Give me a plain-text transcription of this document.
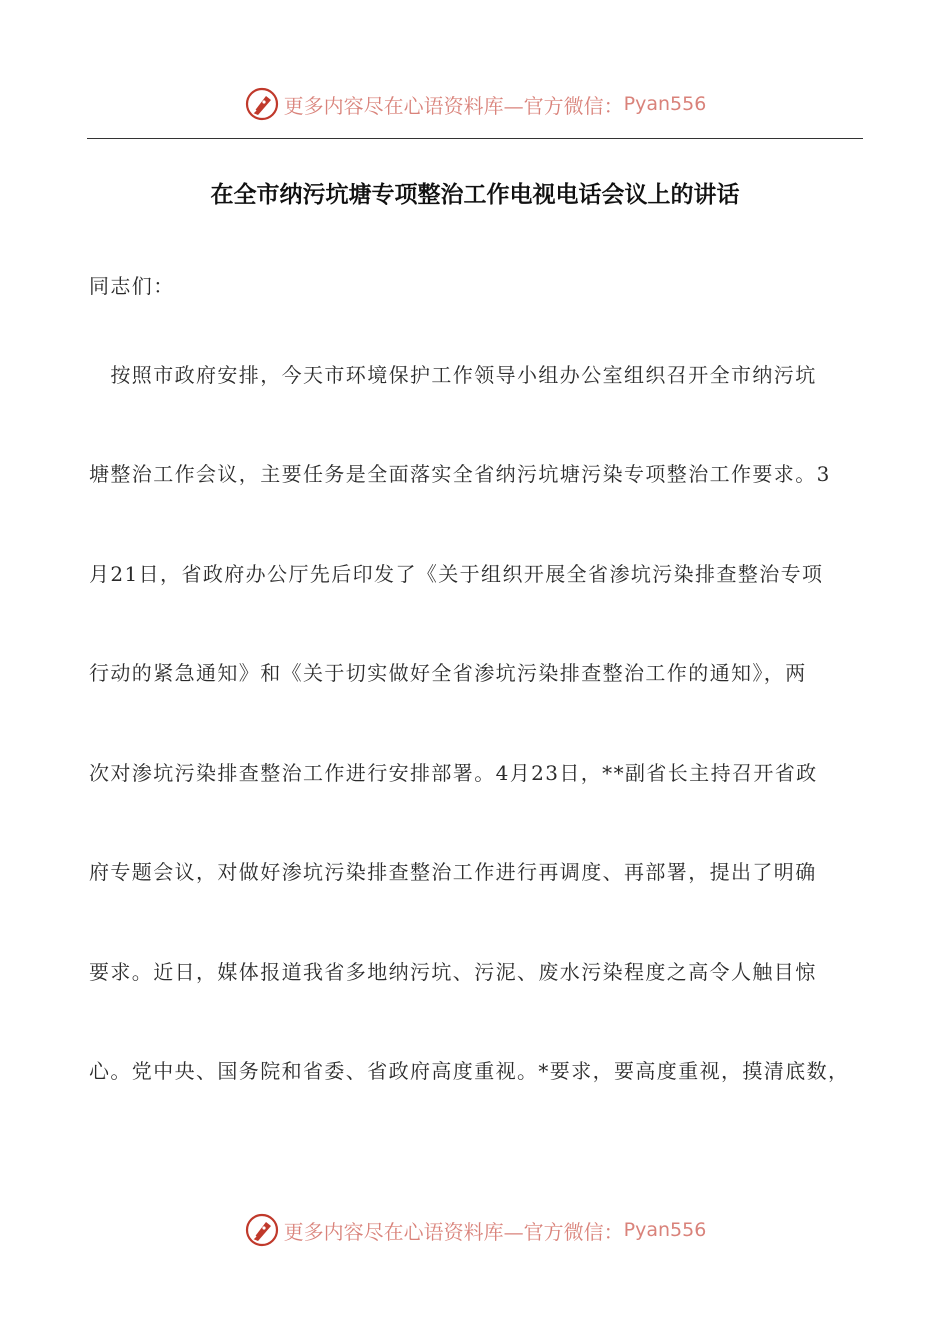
更多内容尽在心语资料库—官方微信： Pyan556
在全市纳污坑塘专项整治工作电视电话会议上的讲话
同志们：
　按照市政府安排，今天市环境保护工作领导小组办公室组织召开全市纳污坑
塘整治工作会议，主要任务是全面落实全省纳污坑塘污染专项整治工作要求。3
月21日，省政府办公厅先后印发了《关于组织开展全省渗坑污染排查整治专项
行动的紧急通知》和《关于切实做好全省渗坑污染排查整治工作的通知》，两
次对渗坑污染排查整治工作进行安排部署。4月23日，**副省长主持召开省政
府专题会议，对做好渗坑污染排查整治工作进行再调度、再部署，提出了明确
要求。近日，媒体报道我省多地纳污坑、污泥、废水污染程度之高令人触目惊
心。党中央、国务院和省委、省政府高度重视。*要求，要高度重视，摸清底数，
更多内容尽在心语资料库—官方微信： Pyan556
